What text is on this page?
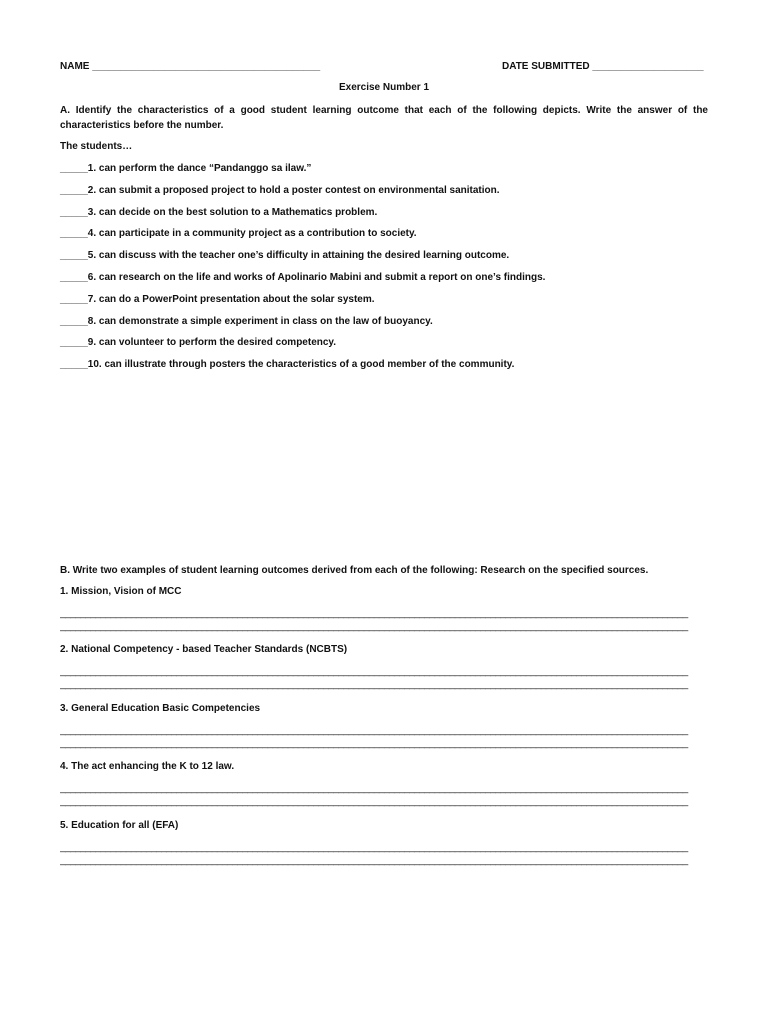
NAME _________________________________________	DATE SUBMITTED ____________________
Exercise Number 1
A. Identify the characteristics of a good student learning outcome that each of the following depicts. Write the answer of the characteristics before the number.
The students…
_____1. can perform the dance “Pandanggo sa ilaw.”
_____2. can submit a proposed project to hold a poster contest on environmental sanitation.
_____3. can decide on the best solution to a Mathematics problem.
_____4. can participate in a community project as a contribution to society.
_____5. can discuss with the teacher one’s difficulty in attaining the desired learning outcome.
_____6. can research on the life and works of Apolinario Mabini and submit a report on one’s findings.
_____7. can do a PowerPoint presentation about the solar system.
_____8. can demonstrate a simple experiment in class on the law of buoyancy.
_____9. can volunteer to perform the desired competency.
_____10. can illustrate through posters the characteristics of a good member of the community.
B. Write two examples of student learning outcomes derived from each of the following: Research on the specified sources.
1. Mission, Vision of MCC
____________________________________________________________________________________________________________________________
____________________________________________________________________________________________________________________________
2. National Competency - based Teacher Standards (NCBTS)
____________________________________________________________________________________________________________________________
____________________________________________________________________________________________________________________________
3. General Education Basic Competencies
____________________________________________________________________________________________________________________________
____________________________________________________________________________________________________________________________
4. The act enhancing the K to 12 law.
____________________________________________________________________________________________________________________________
____________________________________________________________________________________________________________________________
5. Education for all (EFA)
____________________________________________________________________________________________________________________________
____________________________________________________________________________________________________________________________
